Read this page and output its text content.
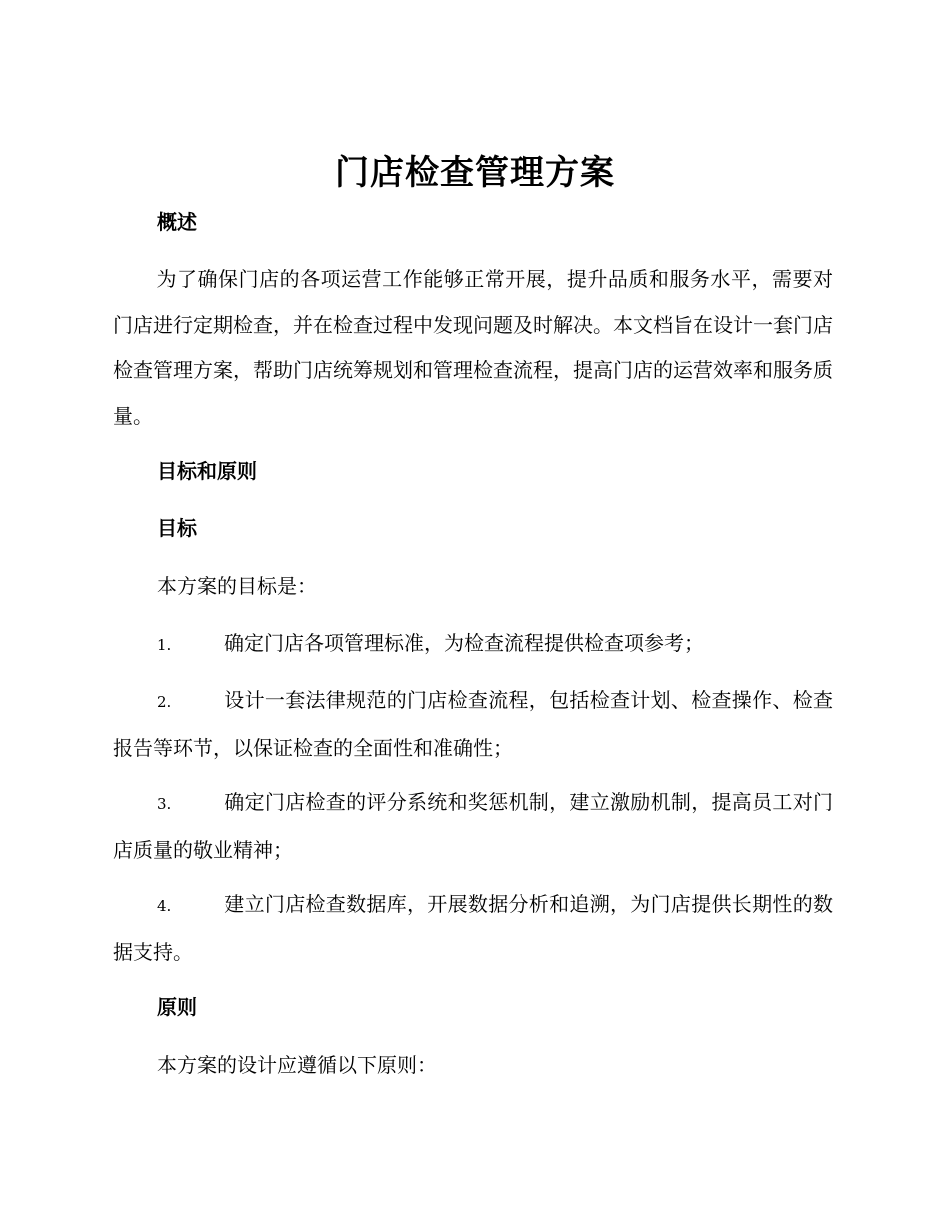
门店检查管理方案
概述

为了确保门店的各项运营工作能够正常开展，提升品质和服务水平，需要对门店进行定期检查，并在检查过程中发现问题及时解决。本文档旨在设计一套门店检查管理方案，帮助门店统筹规划和管理检查流程，提高门店的运营效率和服务质量。

目标和原则
目标
本方案的目标是：

1.	确定门店各项管理标准，为检查流程提供检查项参考；

2.	设计一套法律规范的门店检查流程，包括检查计划、检查操作、检查报告等环节，以保证检查的全面性和准确性；

3.	确定门店检查的评分系统和奖惩机制，建立激励机制，提高员工对门店质量的敬业精神；

4.	建立门店检查数据库，开展数据分析和追溯，为门店提供长期性的数据支持。

原则
本方案的设计应遵循以下原则：
